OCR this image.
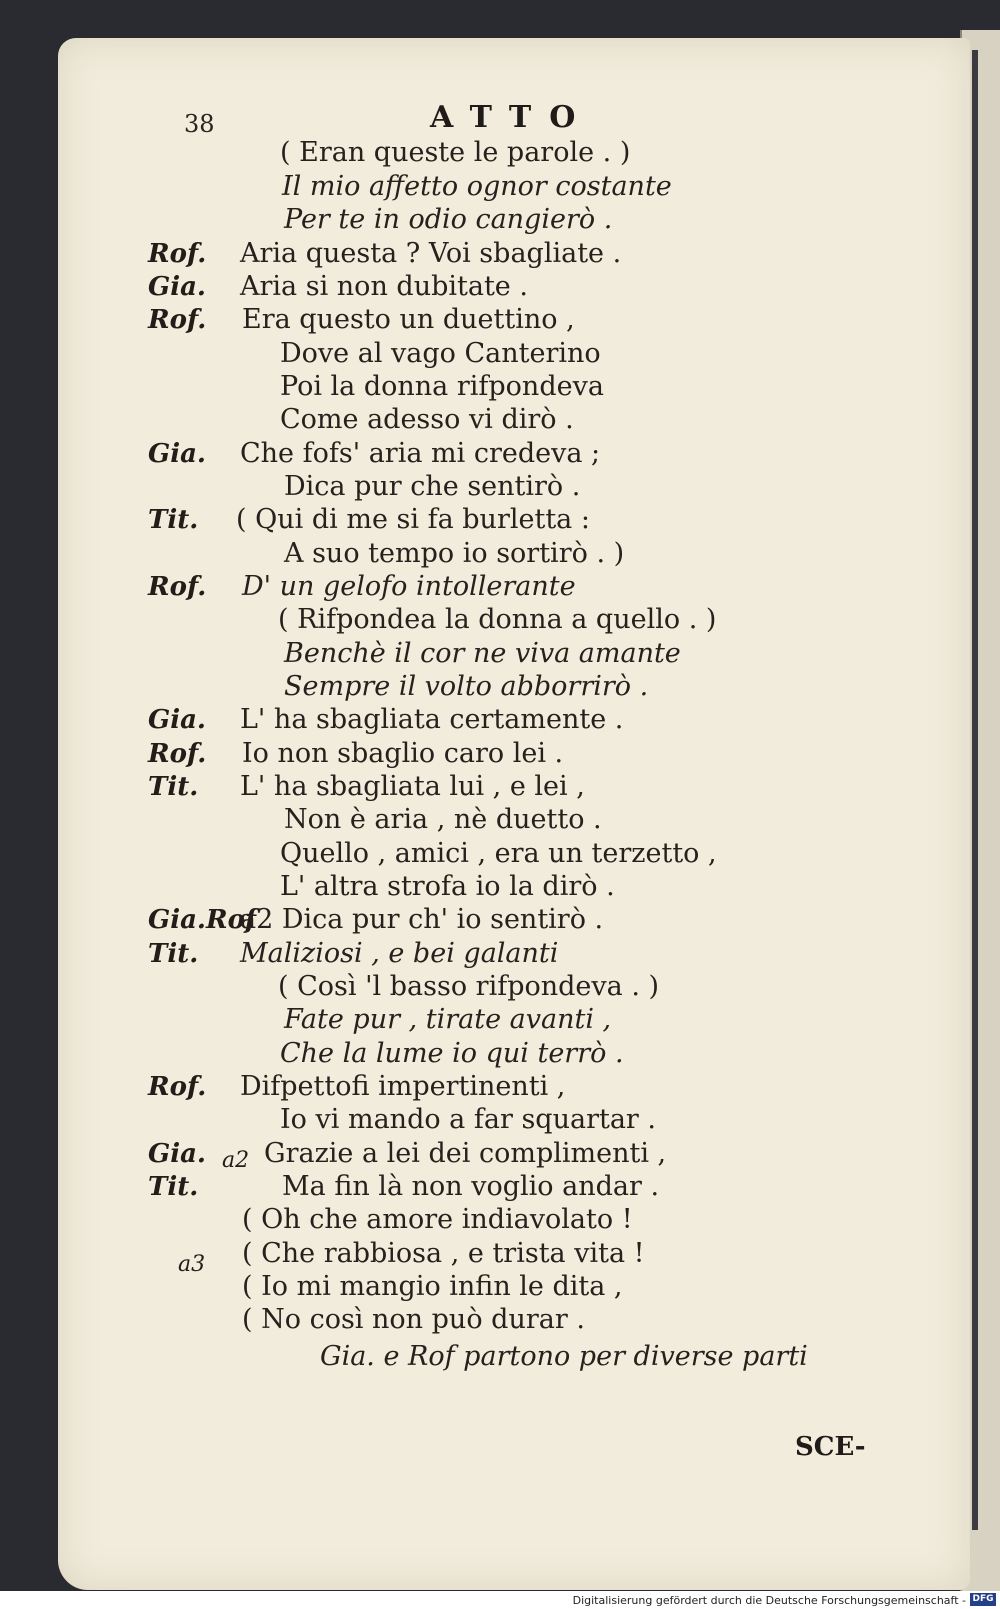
38	ATTO
( Eran queste le parole . )
Il mio affetto ognor costante
Per te in odio cangierò .
Rof. Aria questa ? Voi sbagliate .
Gia. Aria si non dubitate .
Rof. Era questo un duettino ,
Dove al vago Canterino
Poi la donna rifpondeva
Come adesso vi dirò .
Gia. Che fofs' aria mi credeva ;
Dica pur che sentirò .
Tit. ( Qui di me si fa burletta :
A suo tempo io sortirò . )
Rof. D' un gelofo intollerante
( Rifpondea la donna a quello . )
Benchè il cor ne viva amante
Sempre il volto abborrirò .
Gia. L' ha sbagliata certamente .
Rof. Io non sbaglio caro lei .
Tit. L' ha sbagliata lui , e lei ,
Non è aria , nè duetto .
Quello , amici , era un terzetto ,
L' altra strofa io la dirò .
Gia.Rof
a2 Dica pur ch' io sentirò .
Tit. Maliziosi , e bei galanti
( Così 'l basso rifpondeva . )
Fate pur , tirate avanti ,
Che la lume io qui terrò .
Rof. Difpettofi impertinenti ,
Io vi mando a far squartar .
Gia. Grazie a lei dei complimenti ,
Tit.	Ma fin là non voglio andar .
( Oh che amore indiavolato !
( Che rabbiosa , e trista vita !
( Io mi mangio infin le dita ,
( No così non può durar .
Gia. e Rof partono per diverse parti
a2
a3
SCE-
Digitalisierung gefördert durch die Deutsche Forschungsgemeinschaft - DFG
